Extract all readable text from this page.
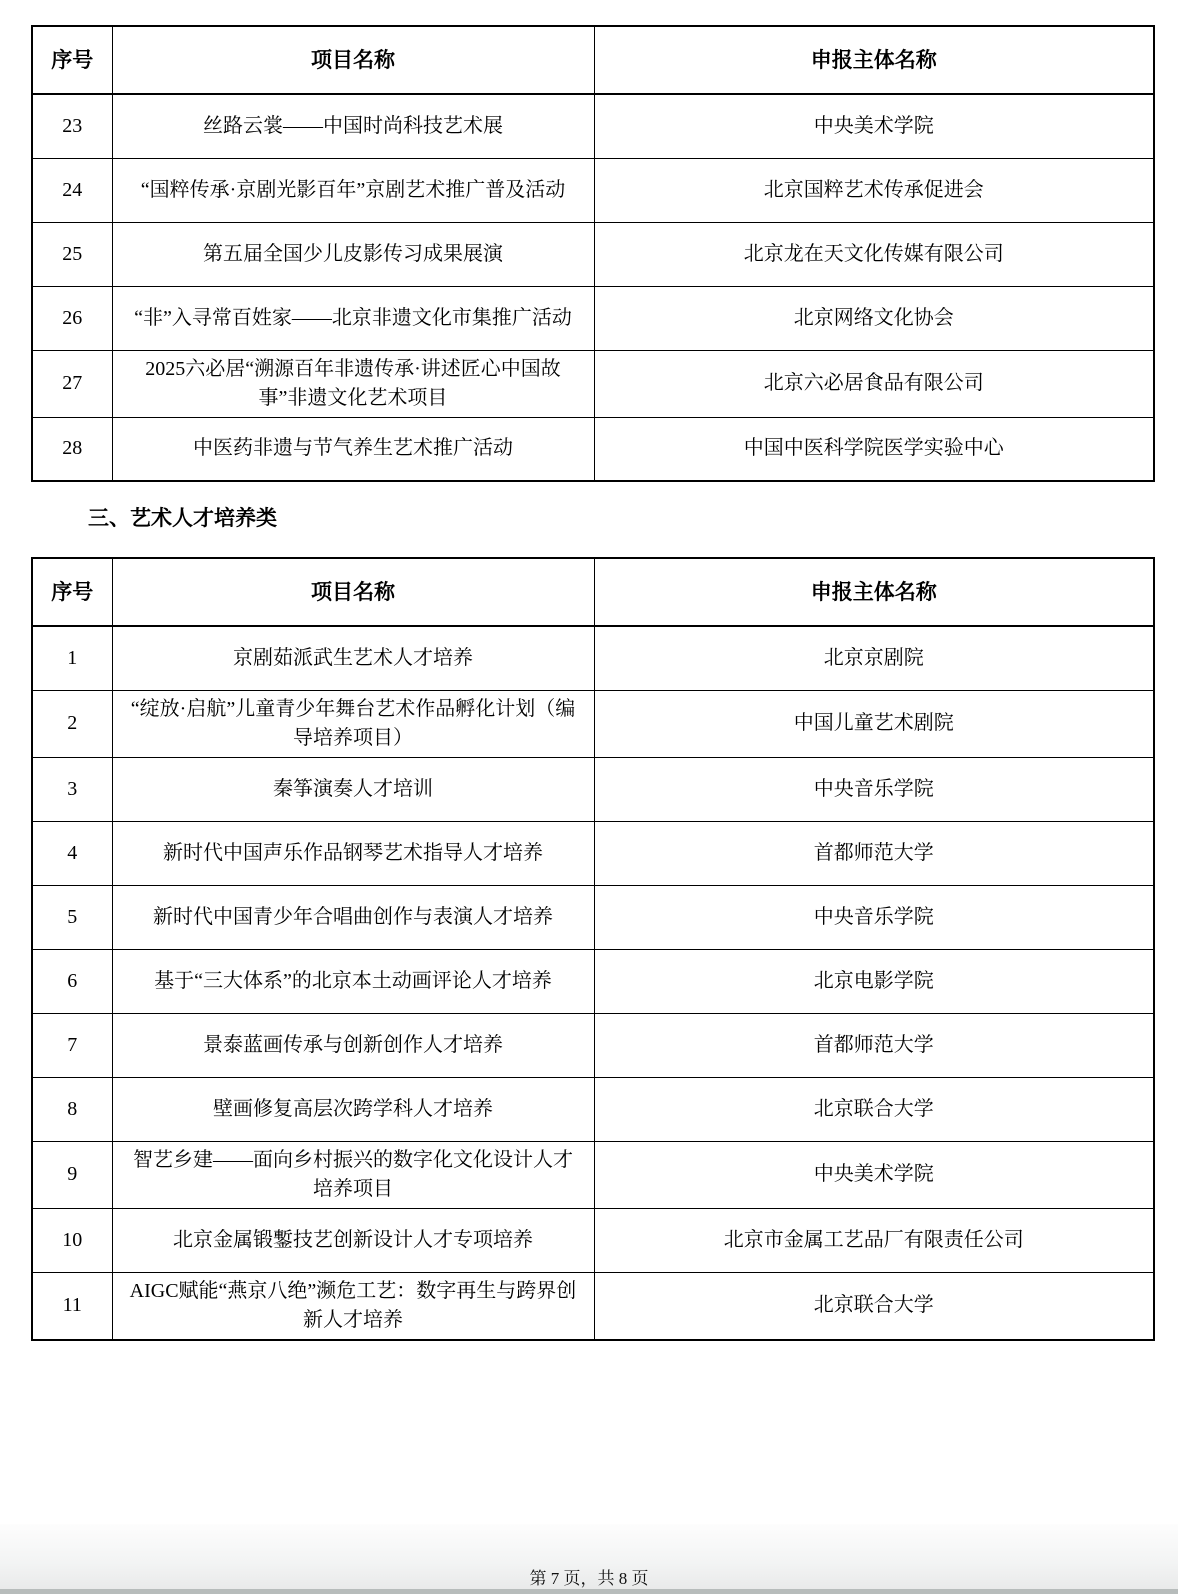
序号	项目名称	申报主体名称
23	丝路云裳——中国时尚科技艺术展	中央美术学院
24	“国粹传承·京剧光影百年”京剧艺术推广普及活动	北京国粹艺术传承促进会
25	第五届全国少儿皮影传习成果展演	北京龙在天文化传媒有限公司
26	“非”入寻常百姓家——北京非遗文化市集推广活动	北京网络文化协会
27	2025六必居“溯源百年非遗传承·讲述匠心中国故事”非遗文化艺术项目	北京六必居食品有限公司
28	中医药非遗与节气养生艺术推广活动	中国中医科学院医学实验中心
三、艺术人才培养类
序号	项目名称	申报主体名称
1	京剧茹派武生艺术人才培养	北京京剧院
2	“绽放·启航”儿童青少年舞台艺术作品孵化计划（编导培养项目）	中国儿童艺术剧院
3	秦筝演奏人才培训	中央音乐学院
4	新时代中国声乐作品钢琴艺术指导人才培养	首都师范大学
5	新时代中国青少年合唱曲创作与表演人才培养	中央音乐学院
6	基于“三大体系”的北京本土动画评论人才培养	北京电影学院
7	景泰蓝画传承与创新创作人才培养	首都师范大学
8	壁画修复高层次跨学科人才培养	北京联合大学
9	智艺乡建——面向乡村振兴的数字化文化设计人才培养项目	中央美术学院
10	北京金属锻鏨技艺创新设计人才专项培养	北京市金属工艺品厂有限责任公司
11	AIGC赋能“燕京八绝”濒危工艺：数字再生与跨界创新人才培养	北京联合大学
第 7 页，共 8 页
